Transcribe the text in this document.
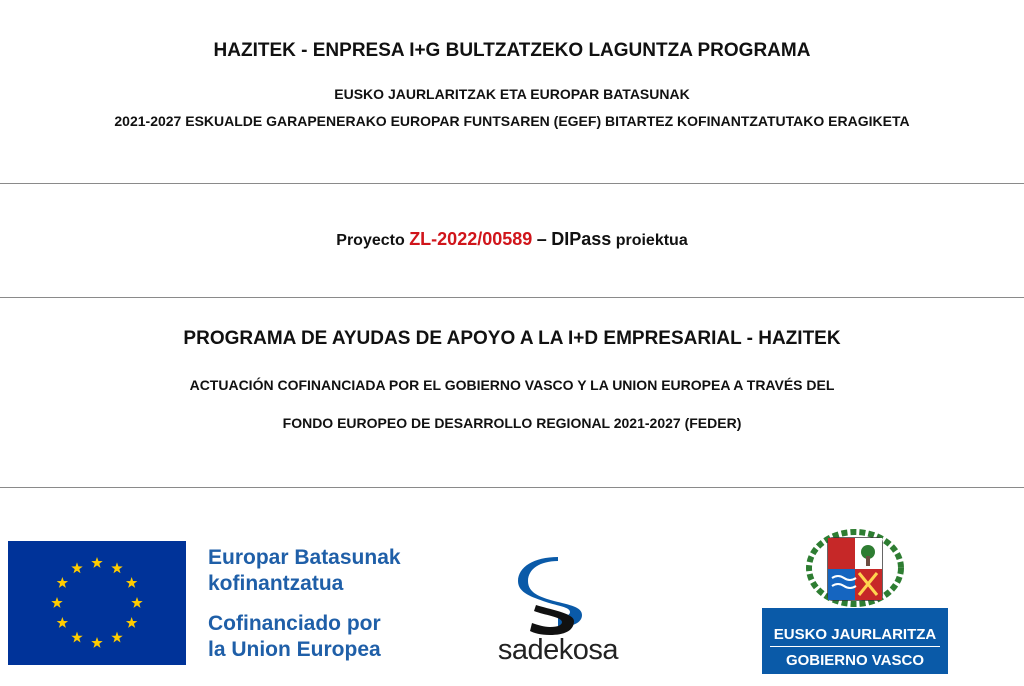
HAZITEK - ENPRESA I+G BULTZATZEKO LAGUNTZA PROGRAMA
EUSKO JAURLARITZAK ETA EUROPAR BATASUNAK
2021-2027 ESKUALDE GARAPENERAKO EUROPAR FUNTSAREN (EGEF) BITARTEZ KOFINANTZATUTAKO ERAGIKETA
Proyecto ZL-2022/00589 – DIPass proiektua
PROGRAMA DE AYUDAS DE APOYO A LA I+D EMPRESARIAL - HAZITEK
ACTUACIÓN COFINANCIADA POR EL GOBIERNO VASCO Y LA UNION EUROPEA A TRAVÉS DEL
FONDO EUROPEO DE DESARROLLO REGIONAL 2021-2027 (FEDER)
Europar Batasunak
kofinantzatua
Cofinanciado por
la Union Europea	sadekosa	EUSKO JAURLARITZA
GOBIERNO VASCO
